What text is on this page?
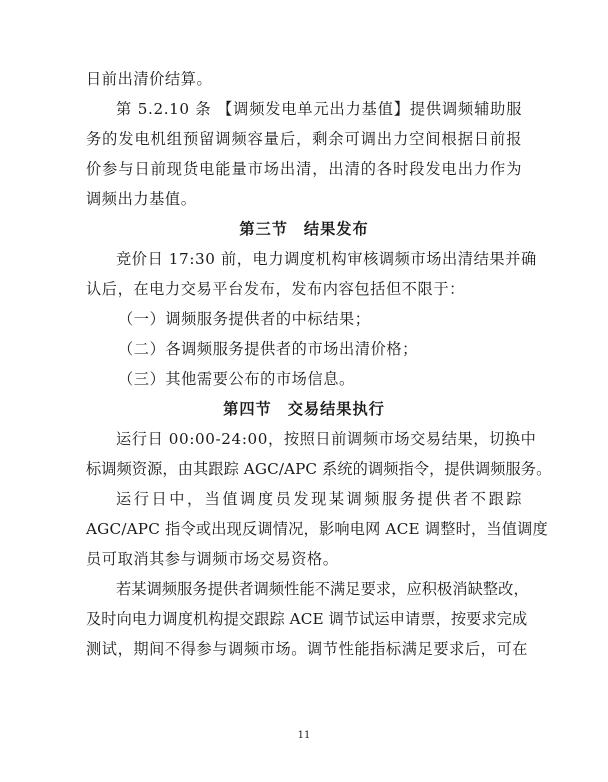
日前出清价结算。

第 5.2.10 条 【调频发电单元出力基值】提供调频辅助服

务的发电机组预留调频容量后，剩余可调出力空间根据日前报

价参与日前现货电能量市场出清，出清的各时段发电出力作为

调频出力基值。

第三节 结果发布

竞价日 17:30 前，电力调度机构审核调频市场出清结果并确

认后，在电力交易平台发布，发布内容包括但不限于：

（一）调频服务提供者的中标结果；

（二）各调频服务提供者的市场出清价格；

（三）其他需要公布的市场信息。

第四节 交易结果执行

运行日 00:00-24:00，按照日前调频市场交易结果，切换中

标调频资源，由其跟踪 AGC/APC 系统的调频指令，提供调频服务。

运行日中，当值调度员发现某调频服务提供者不跟踪

AGC/APC 指令或出现反调情况，影响电网 ACE 调整时，当值调度

员可取消其参与调频市场交易资格。

若某调频服务提供者调频性能不满足要求，应积极消缺整改，

及时向电力调度机构提交跟踪 ACE 调节试运申请票，按要求完成

测试，期间不得参与调频市场。调节性能指标满足要求后，可在

11
